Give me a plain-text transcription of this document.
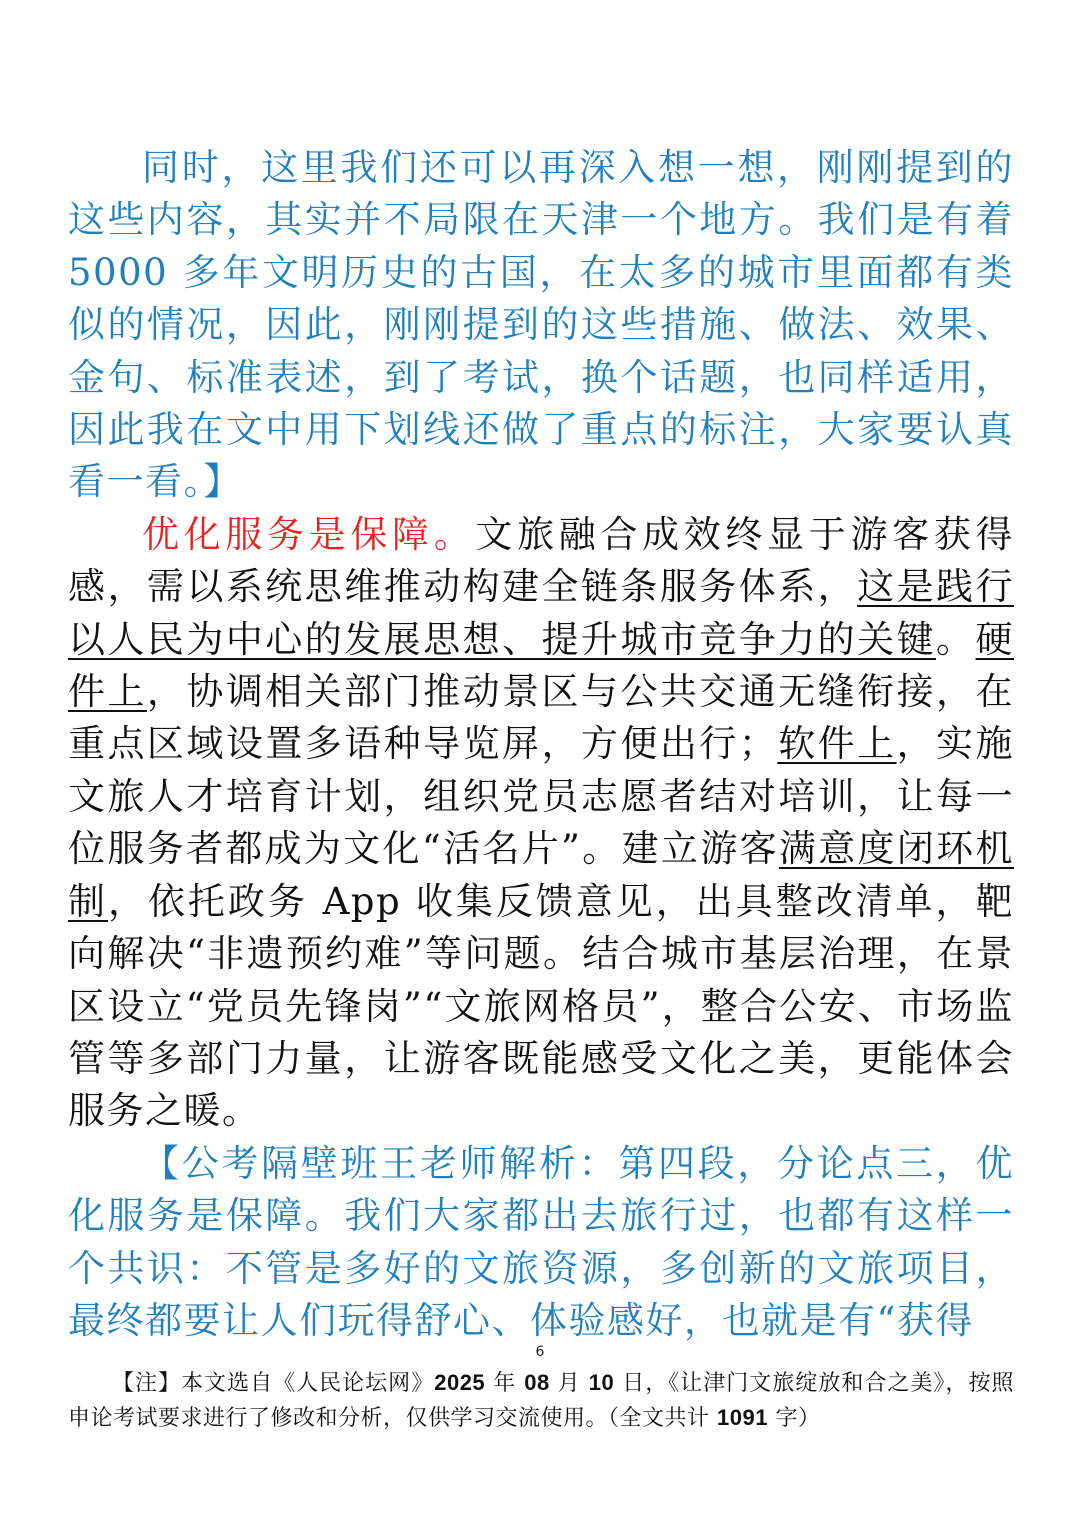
同时，这里我们还可以再深入想一想，刚刚提到的这些内容，其实并不局限在天津一个地方。我们是有着5000 多年文明历史的古国，在太多的城市里面都有类似的情况，因此，刚刚提到的这些措施、做法、效果、金句、标准表述，到了考试，换个话题，也同样适用，因此我在文中用下划线还做了重点的标注，大家要认真看一看。】

优化服务是保障。文旅融合成效终显于游客获得感，需以系统思维推动构建全链条服务体系，这是践行以人民为中心的发展思想、提升城市竞争力的关键。硬件上，协调相关部门推动景区与公共交通无缝衔接，在重点区域设置多语种导览屏，方便出行；软件上，实施文旅人才培育计划，组织党员志愿者结对培训，让每一位服务者都成为文化“活名片”。建立游客满意度闭环机制，依托政务 App 收集反馈意见，出具整改清单，靶向解决“非遗预约难”等问题。结合城市基层治理，在景区设立“党员先锋岗”“文旅网格员”，整合公安、市场监管等多部门力量，让游客既能感受文化之美，更能体会服务之暖。

【公考隔壁班王老师解析：第四段，分论点三，优化服务是保障。我们大家都出去旅行过，也都有这样一个共识：不管是多好的文旅资源，多创新的文旅项目，最终都要让人们玩得舒心、体验感好，也就是有“获得

6
【注】本文选自《人民论坛网》2025 年 08 月 10 日，《让津门文旅绽放和合之美》，按照申论考试要求进行了修改和分析，仅供学习交流使用。（全文共计 1091 字）
